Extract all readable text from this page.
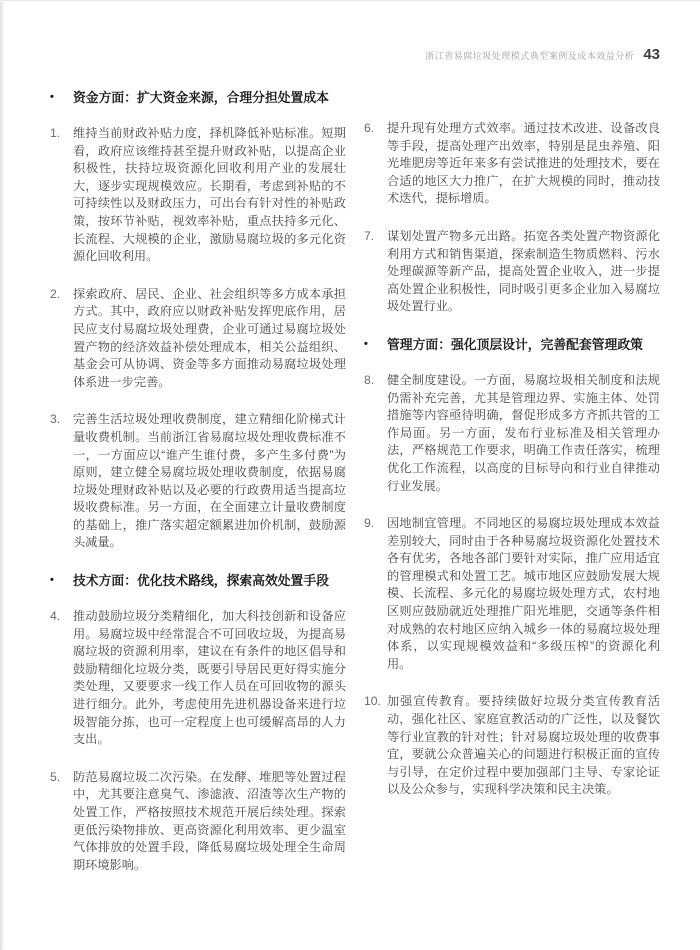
浙江省易腐垃圾处理模式典型案例及成本效益分析 43
•	资金方面：扩大资金来源，合理分担处置成本
1.	维持当前财政补贴力度，择机降低补贴标准。短期看，政府应该维持甚至提升财政补贴，以提高企业积极性，扶持垃圾资源化回收利用产业的发展壮大，逐步实现规模效应。长期看，考虑到补贴的不可持续性以及财政压力，可出台有针对性的补贴政策，按环节补贴，视效率补贴，重点扶持多元化、长流程、大规模的企业，激励易腐垃圾的多元化资源化回收利用。

2.	探索政府、居民、企业、社会组织等多方成本承担方式。其中，政府应以财政补贴发挥兜底作用，居民应支付易腐垃圾处理费，企业可通过易腐垃圾处置产物的经济效益补偿处理成本，相关公益组织、基金会可从协调、资金等多方面推动易腐垃圾处理体系进一步完善。

3.	完善生活垃圾处理收费制度，建立精细化阶梯式计量收费机制。当前浙江省易腐垃圾处理收费标准不一，一方面应以“谁产生谁付费，多产生多付费”为原则，建立健全易腐垃圾处理收费制度，依据易腐垃圾处理财政补贴以及必要的行政费用适当提高垃圾收费标准。另一方面，在全面建立计量收费制度的基础上，推广落实超定额累进加价机制，鼓励源头减量。

•	技术方面：优化技术路线，探索高效处置手段
4.	推动鼓励垃圾分类精细化，加大科技创新和设备应用。易腐垃圾中经常混合不可回收垃圾，为提高易腐垃圾的资源利用率，建议在有条件的地区倡导和鼓励精细化垃圾分类，既要引导居民更好得实施分类处理，又要要求一线工作人员在可回收物的源头进行细分。此外，考虑使用先进机器设备来进行垃圾智能分拣，也可一定程度上也可缓解高昂的人力支出。

5.	防范易腐垃圾二次污染。在发酵、堆肥等处置过程中，尤其要注意臭气、渗滤液、沼渣等次生产物的处置工作，严格按照技术规范开展后续处理。探索更低污染物排放、更高资源化利用效率、更少温室气体排放的处置手段，降低易腐垃圾处理全生命周期环境影响。

6.	提升现有处理方式效率。通过技术改进、设备改良等手段，提高处理产出效率，特别是昆虫养殖、阳光堆肥房等近年来多有尝试推进的处理技术，要在合适的地区大力推广，在扩大规模的同时，推动技术迭代，提标增质。

7.	谋划处置产物多元出路。拓宽各类处置产物资源化利用方式和销售渠道，探索制造生物质燃料、污水处理碳源等新产品，提高处置企业收入，进一步提高处置企业积极性，同时吸引更多企业加入易腐垃圾处置行业。

•	管理方面：强化顶层设计，完善配套管理政策
8.	健全制度建设。一方面，易腐垃圾相关制度和法规仍需补充完善，尤其是管理边界、实施主体、处罚措施等内容亟待明确，督促形成多方齐抓共管的工作局面。另一方面，发布行业标准及相关管理办法，严格规范工作要求，明确工作责任落实，梳理优化工作流程，以高度的目标导向和行业自律推动行业发展。

9.	因地制宜管理。不同地区的易腐垃圾处理成本效益差别较大，同时由于各种易腐垃圾资源化处置技术各有优劣，各地各部门要针对实际，推广应用适宜的管理模式和处置工艺。城市地区应鼓励发展大规模、长流程、多元化的易腐垃圾处理方式，农村地区则应鼓励就近处理推广阳光堆肥，交通等条件相对成熟的农村地区应纳入城乡一体的易腐垃圾处理体系，以实现规模效益和“多级压榨”的资源化利用。

10. 加强宣传教育。要持续做好垃圾分类宣传教育活动，强化社区、家庭宣教活动的广泛性，以及餐饮等行业宣教的针对性；针对易腐垃圾处理的收费事宜，要就公众普遍关心的问题进行积极正面的宣传与引导，在定价过程中要加强部门主导、专家论证以及公众参与，实现科学决策和民主决策。
